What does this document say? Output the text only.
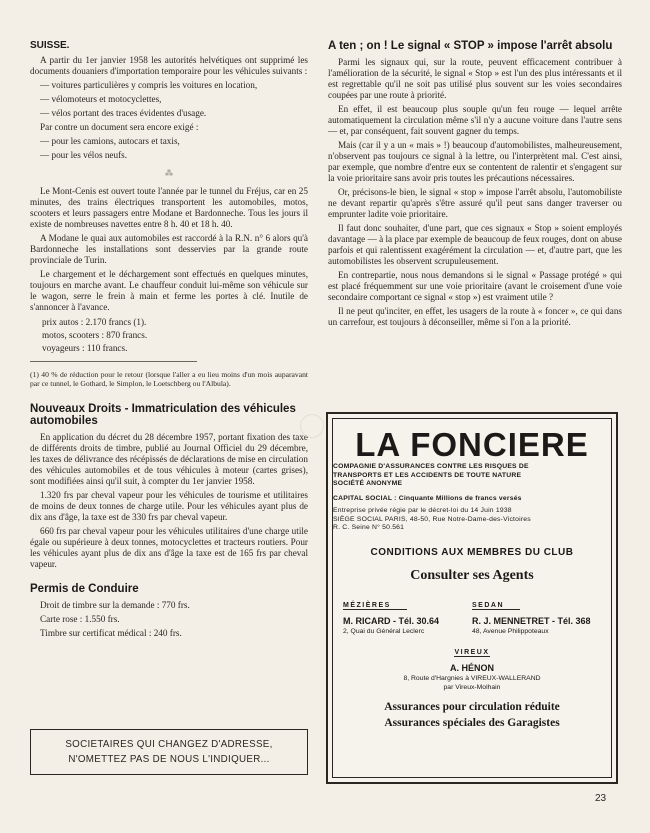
SUISSE.

A partir du 1er janvier 1958 les autorités helvétiques ont supprimé les documents douaniers d'importation temporaire pour les véhicules suivants :

— voitures particulières y compris les voitures en location,

— vélomoteurs et motocyclettes,

— vélos portant des traces évidentes d'usage.

Par contre un document sera encore exigé :

— pour les camions, autocars et taxis,

— pour les vélos neufs.

⁂

Le Mont-Cenis est ouvert toute l'année par le tunnel du Fréjus, car en 25 minutes, des trains électriques transportent les automobiles, motos, scooters et leurs passagers entre Modane et Bardonneche. Tous les jours il existe de nombreuses navettes entre 8 h. 40 et 18 h. 40.

A Modane le quai aux automobiles est raccordé à la R.N. n° 6 alors qu'à Bardonneche les installations sont desservies par la grande route provinciale de Turin.

Le chargement et le déchargement sont effectués en quelques minutes, toujours en marche avant. Le chauffeur conduit lui-même son véhicule sur le wagon, serre le frein à main et ferme les portes à clé. Inutile de s'annoncer à l'avance.

prix autos : 2.170 francs (1).

motos, scooters : 870 francs.

voyageurs : 110 francs.

(1) 40 % de réduction pour le retour (lorsque l'aller a eu lieu moins d'un mois auparavant par ce tunnel, le Gothard, le Simplon, le Loetschberg ou l'Albula).

Nouveaux Droits - Immatriculation des véhicules automobiles

En application du décret du 28 décembre 1957, portant fixation des taxe de différents droits de timbre, publié au Journal Officiel du 29 décembre, les taxes de délivrance des récépissés de déclarations de mise en circulation des véhicules automobiles et de tous véhicules à moteur (cartes grises), sont modifiées ainsi qu'il suit, à compter du 1er janvier 1958.

1.320 frs par cheval vapeur pour les véhicules de tourisme et utilitaires de moins de deux tonnes de charge utile. Pour les véhicules ayant plus de dix ans d'âge, la taxe est de 330 frs par cheval vapeur.

660 frs par cheval vapeur pour les véhicules utilitaires d'une charge utile égale ou supérieure à deux tonnes, motocyclettes et tracteurs routiers. Pour les véhicules ayant plus de dix ans d'âge la taxe est de 165 frs par cheval vapeur.

Permis de Conduire

Droit de timbre sur la demande : 770 frs.

Carte rose : 1.550 frs.

Timbre sur certificat médical : 240 frs.

SOCIETAIRES QUI CHANGEZ D'ADRESSE,
N'OMETTEZ PAS DE NOUS L'INDIQUER...
A ten ; on ! Le signal « STOP » impose l'arrêt absolu

Parmi les signaux qui, sur la route, peuvent efficacement contribuer à l'amélioration de la sécurité, le signal « Stop » est l'un des plus intéressants et il est regrettable qu'il ne soit pas utilisé plus souvent sur les voies secondaires coupées par une route à priorité.

En effet, il est beaucoup plus souple qu'un feu rouge — lequel arrête automatiquement la circulation même s'il n'y a aucune voiture dans l'autre sens — et, par conséquent, fait souvent gagner du temps.

Mais (car il y a un « mais » !) beaucoup d'automobilistes, malheureusement, n'observent pas toujours ce signal à la lettre, ou l'interprètent mal. C'est ainsi, par exemple, que nombre d'entre eux se contentent de ralentir et s'engagent sur la voie prioritaire sans avoir pris toutes les précautions nécessaires.

Or, précisons-le bien, le signal « stop » impose l'arrêt absolu, l'automobiliste ne devant repartir qu'après s'être assuré qu'il peut sans danger traverser ou emprunter ladite voie prioritaire.

Il faut donc souhaiter, d'une part, que ces signaux « Stop » soient employés davantage — à la place par exemple de beaucoup de feux rouges, dont on abuse parfois et qui ralentissent exagérément la circulation — et, d'autre part, que les automobilistes les observent scrupuleusement.

En contrepartie, nous nous demandons si le signal « Passage protégé » qui est placé fréquemment sur une voie prioritaire (avant le croisement d'une voie secondaire comportant ce signal « stop ») est vraiment utile ?

Il ne peut qu'inciter, en effet, les usagers de la route à « foncer », ce qui dans un carrefour, est toujours à déconseiller, même si l'on a la priorité.

LA FONCIERE

COMPAGNIE D'ASSURANCES CONTRE LES RISQUES DE

TRANSPORTS ET LES ACCIDENTS DE TOUTE NATURE

SOCIÉTÉ ANONYME

CAPITAL SOCIAL : Cinquante Millions de francs versés

Entreprise privée régie par le décret-loi du 14 Juin 1938

SIÈGE SOCIAL PARIS, 48-50, Rue Notre-Dame-des-Victoires

R. C. Seine N° 50.561

CONDITIONS AUX MEMBRES DU CLUB
Consulter ses Agents
MÉZIÈRES
M. RICARD - Tél. 30.64
2, Quai du Général Leclerc
SEDAN
R. J. MENNETRET - Tél. 368
48, Avenue Philippoteaux
VIREUX
A. HÉNON
8, Route d'Hargnies à VIREUX-WALLERAND
par Vireux-Molhain
Assurances pour circulation réduite
Assurances spéciales des Garagistes
23
